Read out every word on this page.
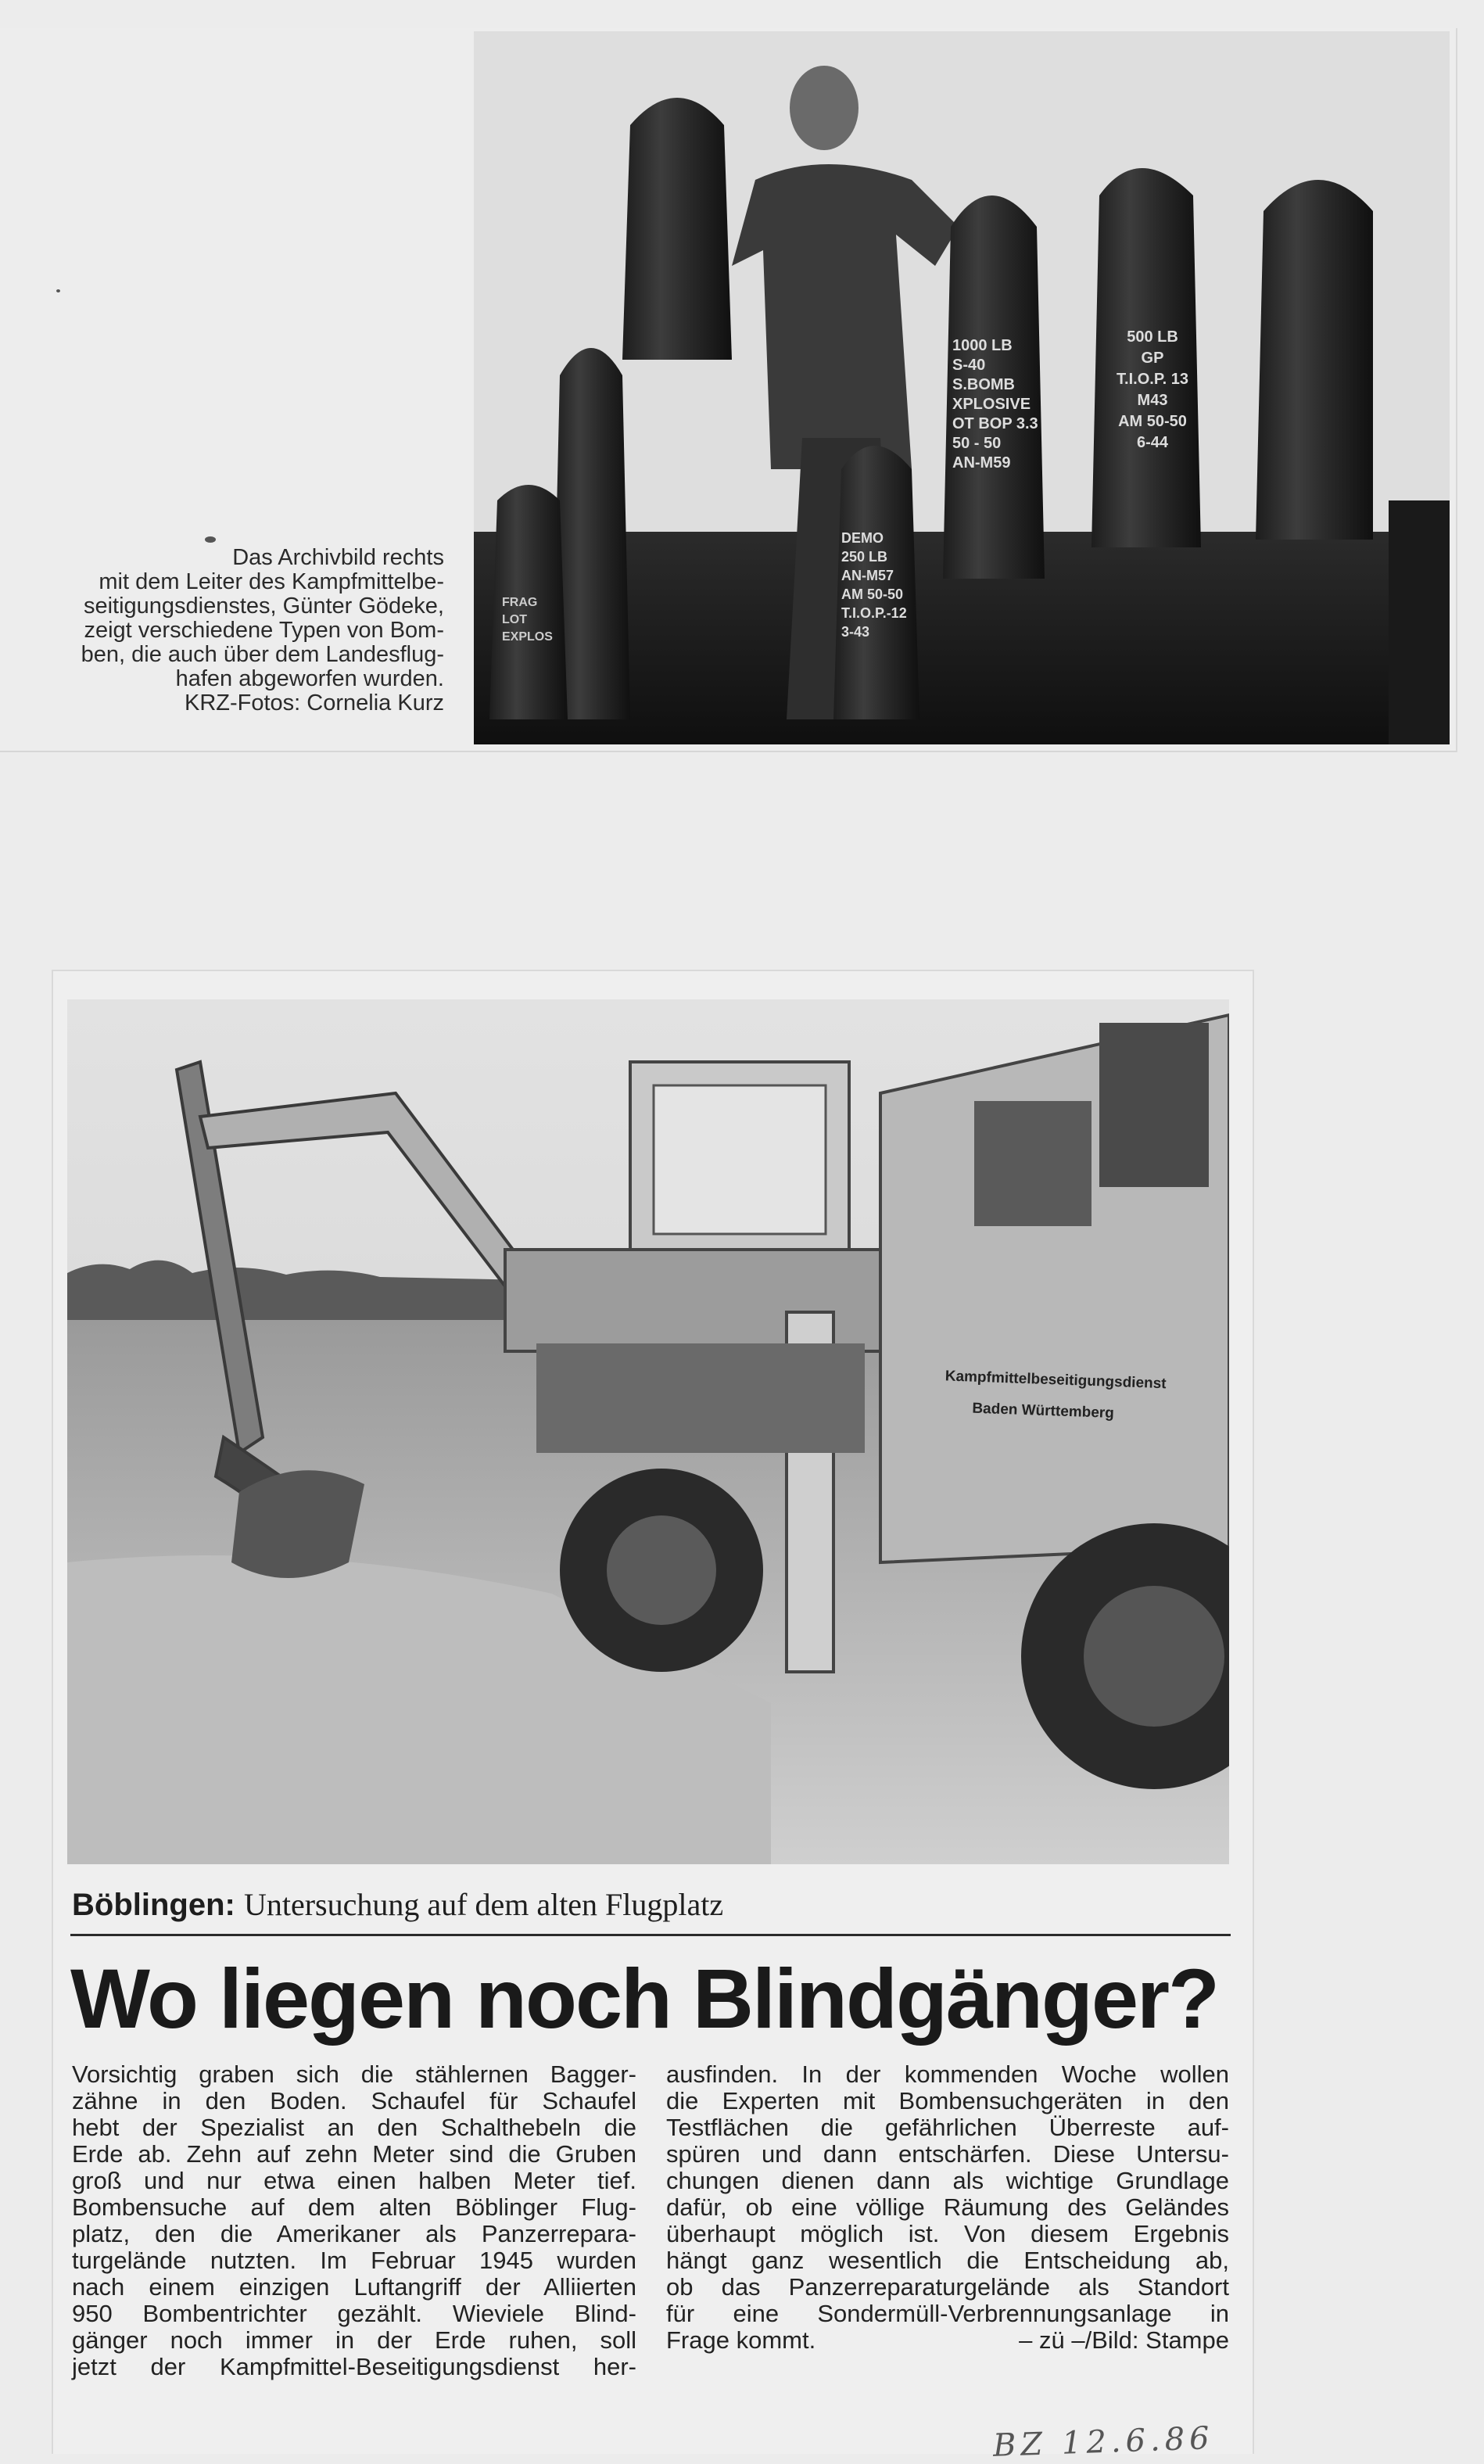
1000 LB
S-40
S.BOMB
XPLOSIVE
OT BOP 3.3
50 - 50
AN-M59
500 LB
GP
T.I.O.P. 13
M43
AM 50-50
6-44
DEMO
250 LB
AN-M57
AM 50-50
T.I.O.P.-12
3-43
FRAG
LOT
EXPLOS

Das Archivbild rechts

mit dem Leiter des Kampfmittelbe-

seitigungsdienstes, Günter Gödeke,

zeigt verschiedene Typen von Bom-

ben, die auch über dem Landesflug-

hafen abgeworfen wurden.

KRZ-Fotos: Cornelia Kurz

Kampfmittelbeseitigungsdienst
Baden Württemberg
Böblingen: Untersuchung auf dem alten Flugplatz
Wo liegen noch Blindgänger?
Vorsichtig graben sich die stählernen Bagger-
zähne in den Boden. Schaufel für Schaufel
hebt der Spezialist an den Schalthebeln die
Erde ab. Zehn auf zehn Meter sind die Gruben
groß und nur etwa einen halben Meter tief.
Bombensuche auf dem alten Böblinger Flug-
platz, den die Amerikaner als Panzerrepara-
turgelände nutzten. Im Februar 1945 wurden
nach einem einzigen Luftangriff der Alliierten
950 Bombentrichter gezählt. Wieviele Blind-
gänger noch immer in der Erde ruhen, soll
jetzt der Kampfmittel-Beseitigungsdienst her-
ausfinden. In der kommenden Woche wollen
die Experten mit Bombensuchgeräten in den
Testflächen die gefährlichen Überreste auf-
spüren und dann entschärfen. Diese Untersu-
chungen dienen dann als wichtige Grundlage
dafür, ob eine völlige Räumung des Geländes
überhaupt möglich ist. Von diesem Ergebnis
hängt ganz wesentlich die Entscheidung ab,
ob das Panzerreparaturgelände als Standort
für eine Sondermüll-Verbrennungsanlage in
Frage kommt.	– zü –/Bild: Stampe
BZ 12.6.86
